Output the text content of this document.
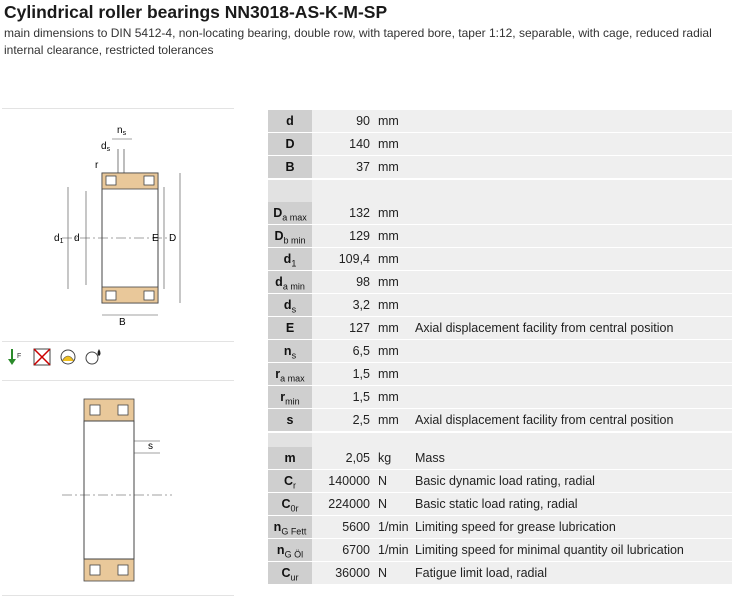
Cylindrical roller bearings NN3018-AS-K-M-SP
main dimensions to DIN 5412-4, non-locating bearing, double row, with tapered bore, taper 1:12, separable, with cage, reduced radial internal clearance, restricted tolerances
$n_s$
$d_s$
r
$d_1$ d	E D
B
F
s
d	90 mm
D	140 mm
B	37 mm
$D_{a max}$	132 mm
$D_{b min}$	129 mm
$d_1$	109,4 mm
$d_{a min}$	98 mm
$d_s$	3,2 mm
E	127 mm	Axial displacement facility from central position
$n_s$	6,5 mm
$r_{a max}$	1,5 mm
$r_{min}$	1,5 mm
s	2,5 mm	Axial displacement facility from central position
m	2,05 kg	Mass
$C_r$	140000 N	Basic dynamic load rating, radial
$C_{0r}$	224000 N	Basic static load rating, radial
$n_{G Fett}$	5600 1/min Limiting speed for grease lubrication
$n_{G Öl}$	6700 1/min Limiting speed for minimal quantity oil lubrication
$C_{ur}$	36000 N	Fatigue limit load, radial
